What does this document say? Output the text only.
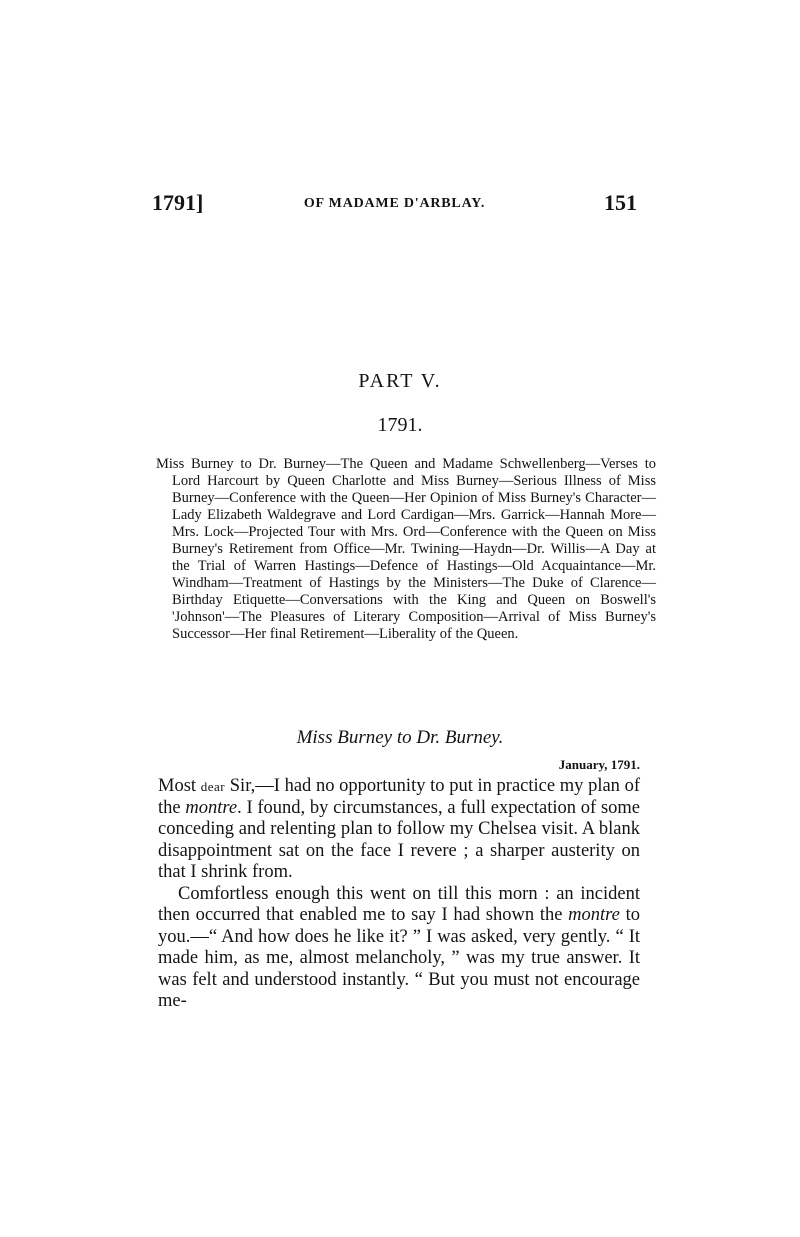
1791]	OF MADAME D'ARBLAY.	151
PART V.
1791.

Miss Burney to Dr. Burney—The Queen and Madame Schwellenberg—Verses to Lord Harcourt by Queen Charlotte and Miss Burney—Serious Illness of Miss Burney—Conference with the Queen—Her Opinion of Miss Burney's Character—Lady Elizabeth Waldegrave and Lord Cardigan—Mrs. Garrick—Hannah More—Mrs. Lock—Projected Tour with Mrs. Ord—Conference with the Queen on Miss Burney's Retirement from Office—Mr. Twining—Haydn—Dr. Willis—A Day at the Trial of Warren Hastings—Defence of Hastings—Old Acquaintance—Mr. Windham—Treatment of Hastings by the Ministers—The Duke of Clarence—Birthday Etiquette—Conversations with the King and Queen on Boswell's 'Johnson'—The Pleasures of Literary Composition—Arrival of Miss Burney's Successor—Her final Retirement—Liberality of the Queen.

Miss Burney to Dr. Burney.
January, 1791.

Most dear Sir,—I had no opportunity to put in practice my plan of the montre. I found, by circumstances, a full expectation of some conceding and relenting plan to follow my Chelsea visit. A blank disappointment sat on the face I revere ; a sharper austerity on that I shrink from.

Comfortless enough this went on till this morn : an incident then occurred that enabled me to say I had shown the montre to you.—“ And how does he like it? ” I was asked, very gently. “ It made him, as me, almost melancholy, ” was my true answer. It was felt and understood instantly. “ But you must not encourage me-
